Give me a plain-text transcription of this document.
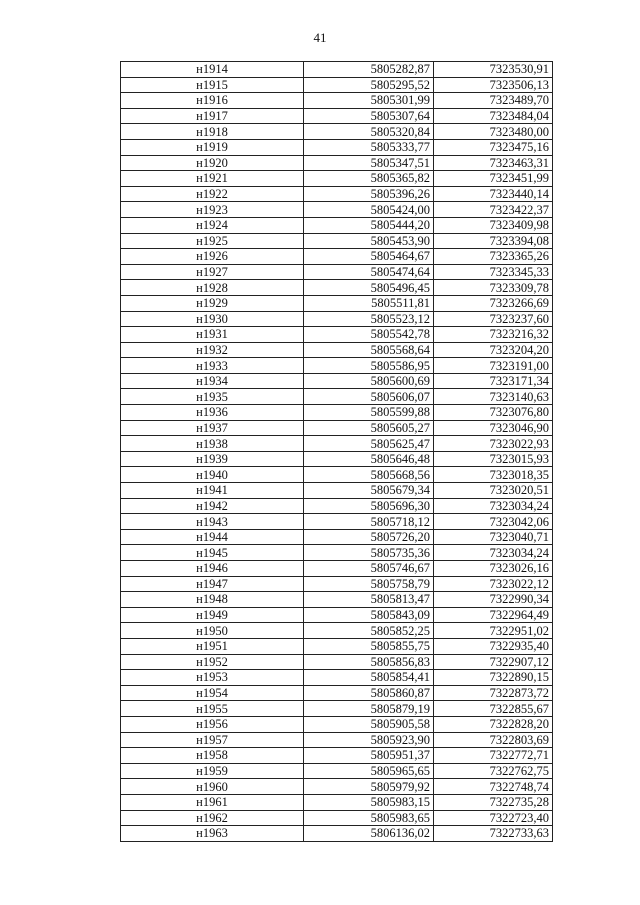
41
н1914	5805282,87	7323530,91
н1915	5805295,52	7323506,13
н1916	5805301,99	7323489,70
н1917	5805307,64	7323484,04
н1918	5805320,84	7323480,00
н1919	5805333,77	7323475,16
н1920	5805347,51	7323463,31
н1921	5805365,82	7323451,99
н1922	5805396,26	7323440,14
н1923	5805424,00	7323422,37
н1924	5805444,20	7323409,98
н1925	5805453,90	7323394,08
н1926	5805464,67	7323365,26
н1927	5805474,64	7323345,33
н1928	5805496,45	7323309,78
н1929	5805511,81	7323266,69
н1930	5805523,12	7323237,60
н1931	5805542,78	7323216,32
н1932	5805568,64	7323204,20
н1933	5805586,95	7323191,00
н1934	5805600,69	7323171,34
н1935	5805606,07	7323140,63
н1936	5805599,88	7323076,80
н1937	5805605,27	7323046,90
н1938	5805625,47	7323022,93
н1939	5805646,48	7323015,93
н1940	5805668,56	7323018,35
н1941	5805679,34	7323020,51
н1942	5805696,30	7323034,24
н1943	5805718,12	7323042,06
н1944	5805726,20	7323040,71
н1945	5805735,36	7323034,24
н1946	5805746,67	7323026,16
н1947	5805758,79	7323022,12
н1948	5805813,47	7322990,34
н1949	5805843,09	7322964,49
н1950	5805852,25	7322951,02
н1951	5805855,75	7322935,40
н1952	5805856,83	7322907,12
н1953	5805854,41	7322890,15
н1954	5805860,87	7322873,72
н1955	5805879,19	7322855,67
н1956	5805905,58	7322828,20
н1957	5805923,90	7322803,69
н1958	5805951,37	7322772,71
н1959	5805965,65	7322762,75
н1960	5805979,92	7322748,74
н1961	5805983,15	7322735,28
н1962	5805983,65	7322723,40
н1963	5806136,02	7322733,63
